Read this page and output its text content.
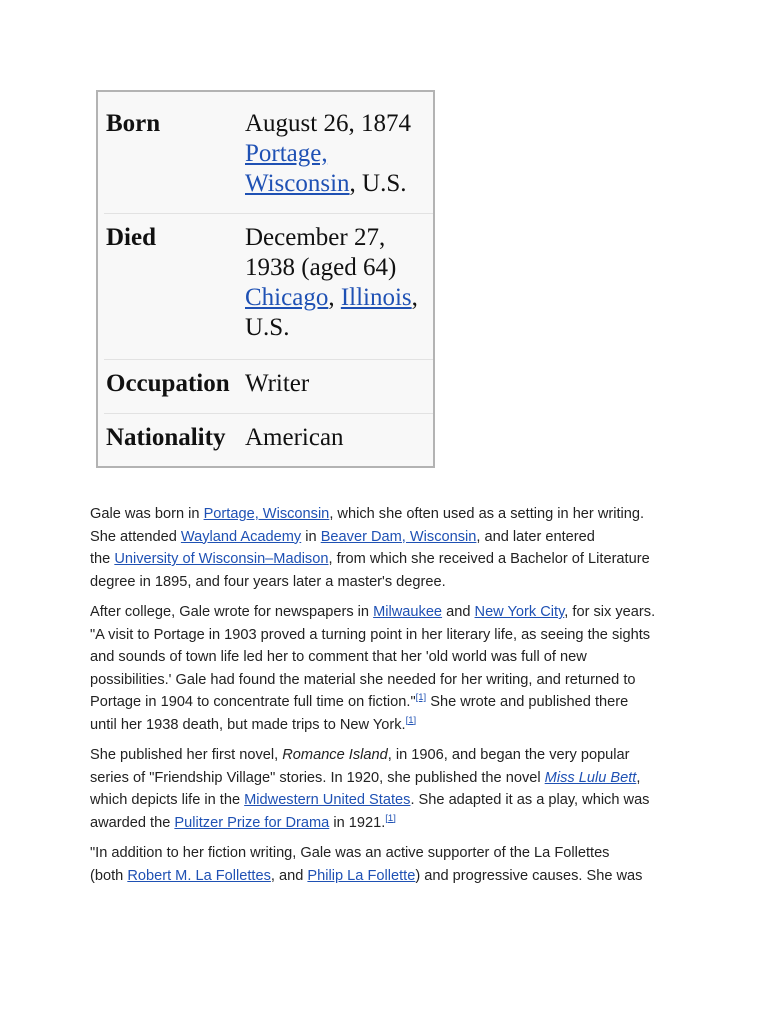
Born	August 26, 1874
Portage,
Wisconsin, U.S.
Died	December 27,
1938 (aged 64)
Chicago, Illinois,
U.S.
Occupation Writer
Nationality American

Gale was born in Portage, Wisconsin, which she often used as a setting in her writing.
She attended Wayland Academy in Beaver Dam, Wisconsin, and later entered
the University of Wisconsin–Madison, from which she received a Bachelor of Literature
degree in 1895, and four years later a master's degree.

After college, Gale wrote for newspapers in Milwaukee and New York City, for six years.
"A visit to Portage in 1903 proved a turning point in her literary life, as seeing the sights
and sounds of town life led her to comment that her 'old world was full of new
possibilities.' Gale had found the material she needed for her writing, and returned to
Portage in 1904 to concentrate full time on fiction."[1] She wrote and published there
until her 1938 death, but made trips to New York.[1]

She published her first novel, Romance Island, in 1906, and began the very popular
series of "Friendship Village" stories. In 1920, she published the novel Miss Lulu Bett,
which depicts life in the Midwestern United States. She adapted it as a play, which was
awarded the Pulitzer Prize for Drama in 1921.[1]

"In addition to her fiction writing, Gale was an active supporter of the La Follettes
(both Robert M. La Follettes, and Philip La Follette) and progressive causes. She was
